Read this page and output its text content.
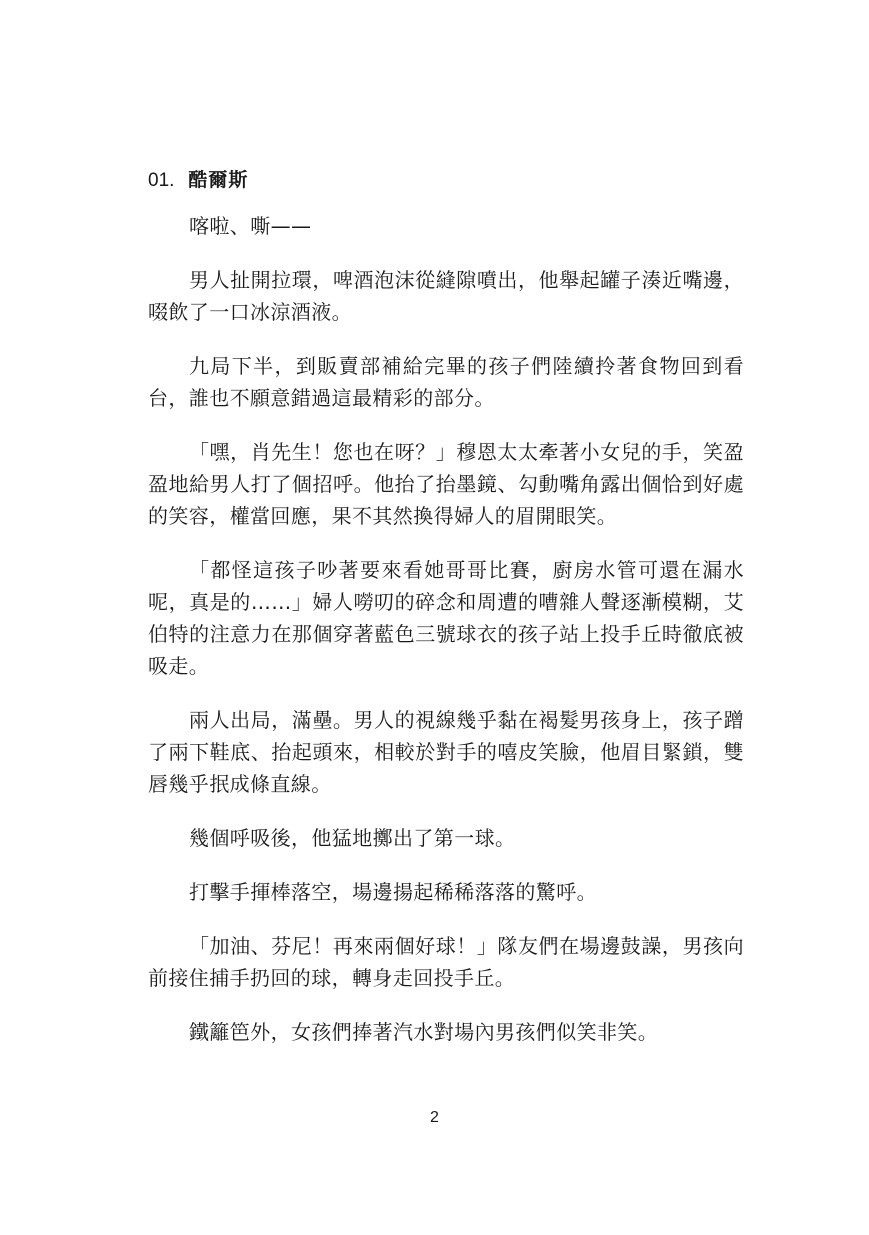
01. 酷爾斯

喀啦、嘶——

男人扯開拉環，啤酒泡沫從縫隙噴出，他舉起罐子湊近嘴邊，啜飲了一口冰涼酒液。

九局下半，到販賣部補給完畢的孩子們陸續拎著食物回到看台，誰也不願意錯過這最精彩的部分。

「嘿，肖先生！您也在呀？」穆恩太太牽著小女兒的手，笑盈盈地給男人打了個招呼。他抬了抬墨鏡、勾動嘴角露出個恰到好處的笑容，權當回應，果不其然換得婦人的眉開眼笑。

「都怪這孩子吵著要來看她哥哥比賽，廚房水管可還在漏水呢，真是的……」婦人嘮叨的碎念和周遭的嘈雜人聲逐漸模糊，艾伯特的注意力在那個穿著藍色三號球衣的孩子站上投手丘時徹底被吸走。

兩人出局，滿壘。男人的視線幾乎黏在褐髮男孩身上，孩子蹭了兩下鞋底、抬起頭來，相較於對手的嘻皮笑臉，他眉目緊鎖，雙唇幾乎抿成條直線。

幾個呼吸後，他猛地擲出了第一球。

打擊手揮棒落空，場邊揚起稀稀落落的驚呼。

「加油、芬尼！再來兩個好球！」隊友們在場邊鼓譟，男孩向前接住捕手扔回的球，轉身走回投手丘。

鐵籬笆外，女孩們捧著汽水對場內男孩們似笑非笑。

2
